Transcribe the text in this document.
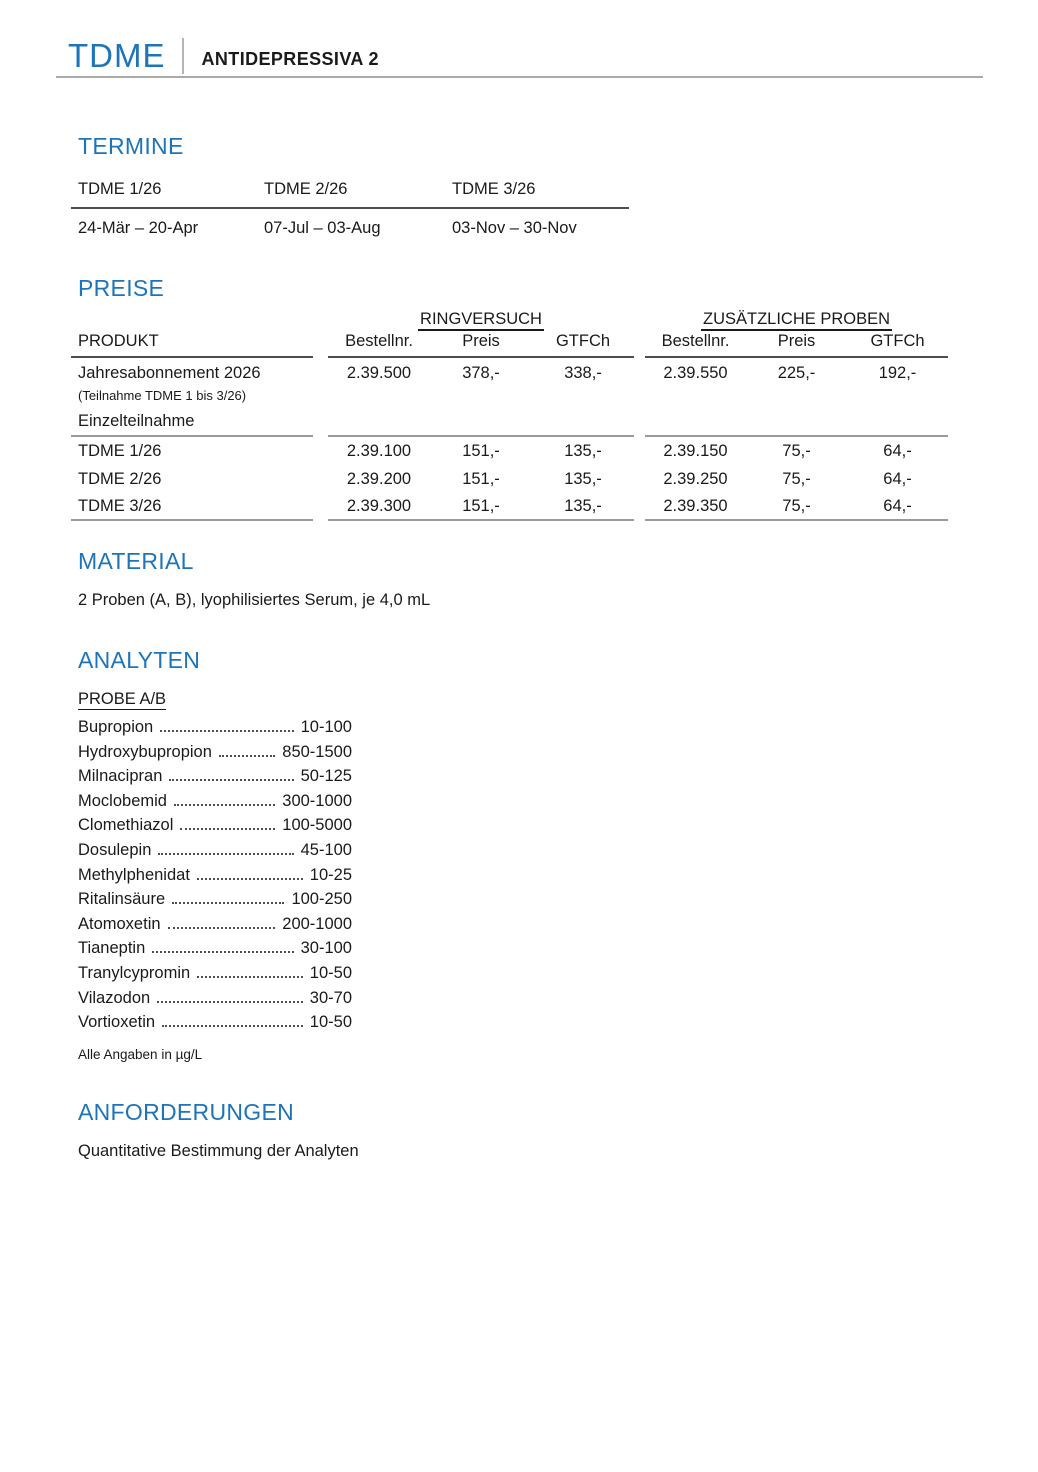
TDME ANTIDEPRESSIVA 2
TERMINE
TDME 1/26	TDME 2/26	TDME 3/26
24-Mär – 20-Apr	07-Jul – 03-Aug	03-Nov – 30-Nov
PREISE
RINGVERSUCH	ZUSÄTZLICHE PROBEN
PRODUKT	Bestellnr.	Preis	GTFCh	Bestellnr.	Preis	GTFCh
Jahresabonnement 2026	2.39.500	378,-	338,-	2.39.550	225,-	192,-
(Teilnahme TDME 1 bis 3/26)
Einzelteilnahme
TDME 1/26	2.39.100	151,-	135,-	2.39.150	75,-	64,-
TDME 2/26	2.39.200	151,-	135,-	2.39.250	75,-	64,-
TDME 3/26	2.39.300	151,-	135,-	2.39.350	75,-	64,-
MATERIAL
2 Proben (A, B), lyophilisiertes Serum, je 4,0 mL
ANALYTEN
PROBE A/B
Bupropion	10-100
Hydroxybupropion	850-1500
Milnacipran	50-125
Moclobemid	300-1000
Clomethiazol	100-5000
Dosulepin	45-100
Methylphenidat	10-25
Ritalinsäure	100-250
Atomoxetin	200-1000
Tianeptin	30-100
Tranylcypromin	10-50
Vilazodon	30-70
Vortioxetin	10-50
Alle Angaben in µg/L
ANFORDERUNGEN
Quantitative Bestimmung der Analyten
